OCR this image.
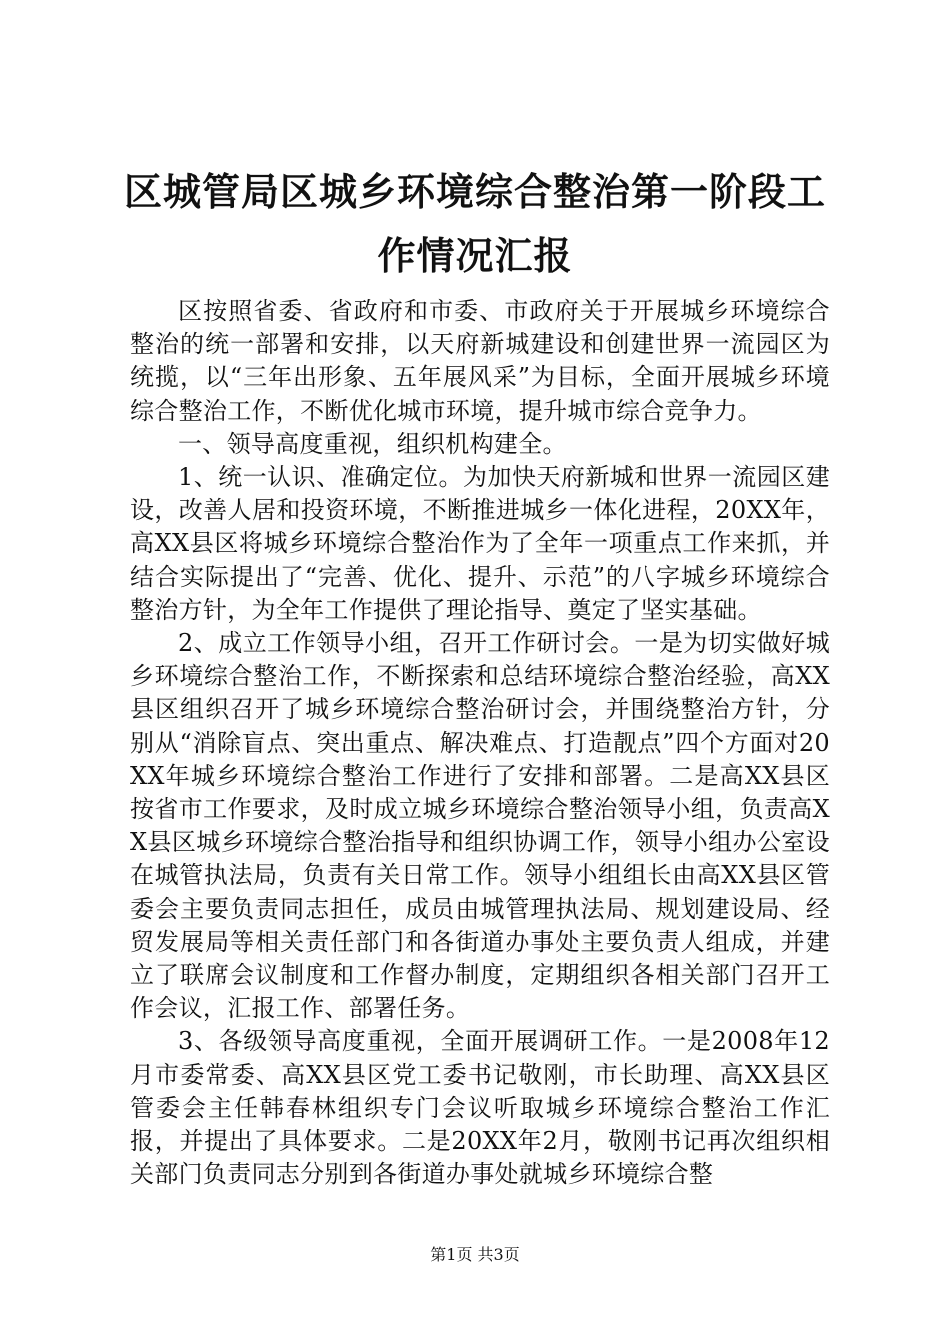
区城管局区城乡环境综合整治第一阶段工作情况汇报

区按照省委、省政府和市委、市政府关于开展城乡环境综合整治的统一部署和安排，以天府新城建设和创建世界一流园区为统揽，以“三年出形象、五年展风采”为目标，全面开展城乡环境综合整治工作，不断优化城市环境，提升城市综合竞争力。

一、领导高度重视，组织机构建全。

1、统一认识、准确定位。为加快天府新城和世界一流园区建设，改善人居和投资环境，不断推进城乡一体化进程，20XX年，高XX县区将城乡环境综合整治作为了全年一项重点工作来抓，并结合实际提出了“完善、优化、提升、示范”的八字城乡环境综合整治方针，为全年工作提供了理论指导、奠定了坚实基础。

2、成立工作领导小组，召开工作研讨会。一是为切实做好城乡环境综合整治工作，不断探索和总结环境综合整治经验，高XX县区组织召开了城乡环境综合整治研讨会，并围绕整治方针，分别从“消除盲点、突出重点、解决难点、打造靓点”四个方面对20XX年城乡环境综合整治工作进行了安排和部署。二是高XX县区按省市工作要求，及时成立城乡环境综合整治领导小组，负责高XX县区城乡环境综合整治指导和组织协调工作，领导小组办公室设在城管执法局，负责有关日常工作。领导小组组长由高XX县区管委会主要负责同志担任，成员由城管理执法局、规划建设局、经贸发展局等相关责任部门和各街道办事处主要负责人组成，并建立了联席会议制度和工作督办制度，定期组织各相关部门召开工作会议，汇报工作、部署任务。

3、各级领导高度重视，全面开展调研工作。一是2008年12月市委常委、高XX县区党工委书记敬刚，市长助理、高XX县区管委会主任韩春林组织专门会议听取城乡环境综合整治工作汇报，并提出了具体要求。二是20XX年2月，敬刚书记再次组织相关部门负责同志分别到各街道办事处就城乡环境综合整

第1页 共3页
